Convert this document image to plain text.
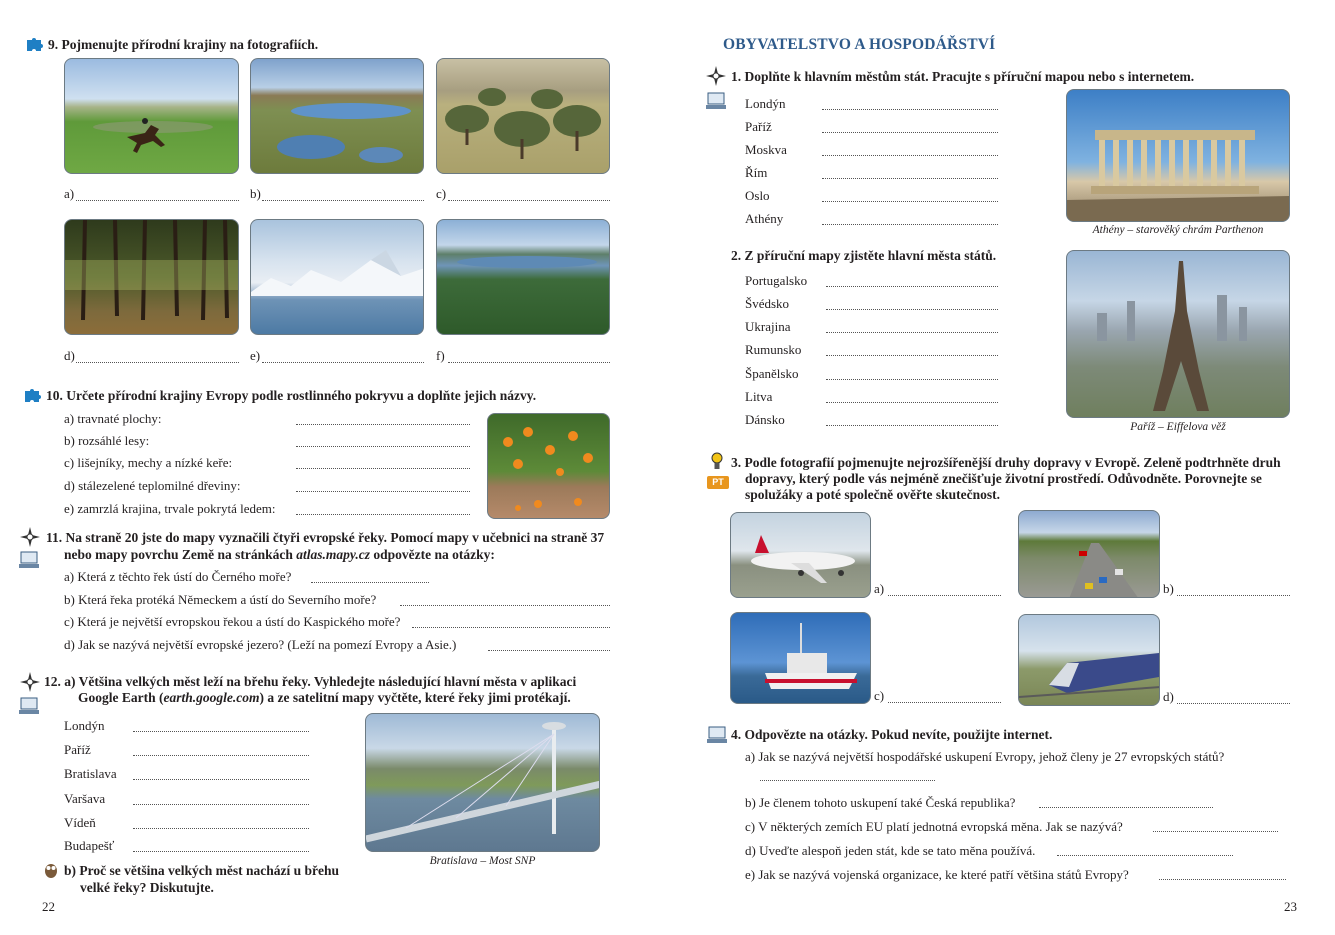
9. Pojmenujte přírodní krajiny na fotografiích.
a)	b)	c)
d)	e)	f)
10. Určete přírodní krajiny Evropy podle rostlinného pokryvu a doplňte jejich názvy.
a) travnaté plochy:
b) rozsáhlé lesy:
c) lišejníky, mechy a nízké keře:
d) stálezelené teplomilné dřeviny:
e) zamrzlá krajina, trvale pokrytá ledem:
11. Na straně 20 jste do mapy vyznačili čtyři evropské řeky. Pomocí mapy v učebnici na straně 37
nebo mapy povrchu Země na stránkách atlas.mapy.cz odpovězte na otázky:
a) Která z těchto řek ústí do Černého moře?
b) Která řeka protéká Německem a ústí do Severního moře?
c) Která je největší evropskou řekou a ústí do Kaspického moře?
d) Jak se nazývá největší evropské jezero? (Leží na pomezí Evropy a Asie.)
12. a) Většina velkých měst leží na břehu řeky. Vyhledejte následující hlavní města v aplikaci
Google Earth (earth.google.com) a ze satelitní mapy vyčtěte, které řeky jimi protékají.
Londýn
Paříž
Bratislava
Varšava
Vídeň
Budapešť
Bratislava – Most SNP
b) Proč se většina velkých měst nachází u břehu
velké řeky? Diskutujte.
22
OBYVATELSTVO A HOSPODÁŘSTVÍ
1. Doplňte k hlavním městům stát. Pracujte s příruční mapou nebo s internetem.
Londýn
Paříž
Moskva
Řím
Oslo
Athény
Athény – starověký chrám Parthenon
2. Z příruční mapy zjistěte hlavní města států.
Portugalsko
Švédsko
Ukrajina
Rumunsko
Španělsko
Litva
Dánsko	Paříž – Eiffelova věž
PT
3. Podle fotografií pojmenujte nejrozšířenější druhy dopravy v Evropě. Zeleně podtrhněte druh
dopravy, který podle vás nejméně znečišťuje životní prostředí. Odůvodněte. Porovnejte se
spolužáky a poté společně ověřte skutečnost.
a)	b)
c)	d)
4. Odpovězte na otázky. Pokud nevíte, použijte internet.
a) Jak se nazývá největší hospodářské uskupení Evropy, jehož členy je 27 evropských států?
b) Je členem tohoto uskupení také Česká republika?
c) V některých zemích EU platí jednotná evropská měna. Jak se nazývá?
d) Uveďte alespoň jeden stát, kde se tato měna používá.
e) Jak se nazývá vojenská organizace, ke které patří většina států Evropy?
23
